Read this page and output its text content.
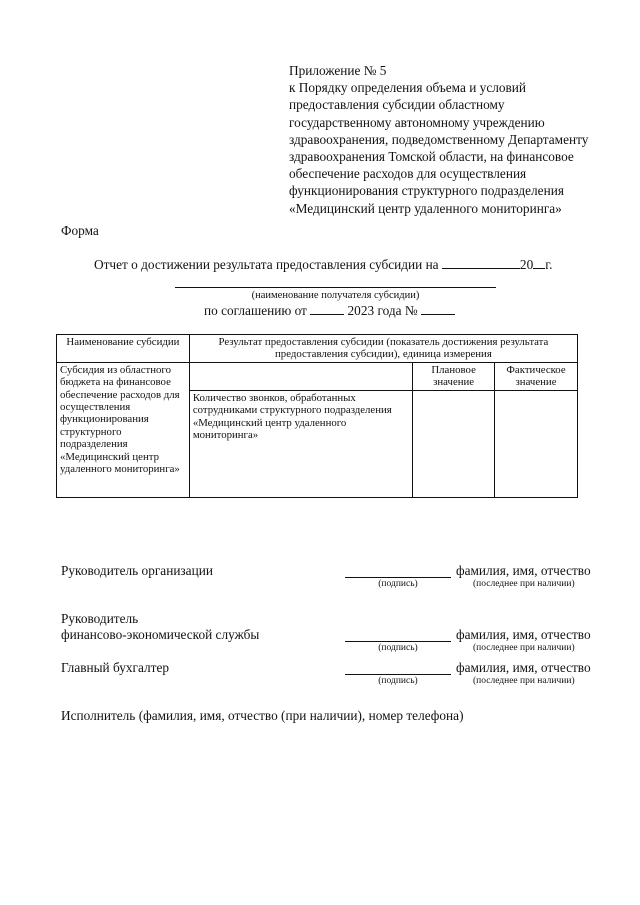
Приложение № 5
к Порядку определения объема и условий
предоставления субсидии областному
государственному автономному учреждению
здравоохранения, подведомственному Департаменту
здравоохранения Томской области, на финансовое
обеспечение расходов для осуществления
функционирования структурного подразделения
«Медицинский центр удаленного мониторинга»
Форма
Отчет о достижении результата предоставления субсидии на	20 г.
(наименование получателя субсидии)
по соглашению от	2023 года №
Наименование субсидии	Результат предоставления субсидии (показатель достижения результата предоставления субсидии), единица измерения		
Субсидия из областного бюджета на финансовое обеспечение расходов для осуществления функционирования структурного подразделения «Медицинский центр удаленного мониторинга»		Плановое значение	Фактическое значение
	Количество звонков, обработанных сотрудниками структурного подразделения «Медицинский центр удаленного мониторинга»		
Руководитель организации
(подпись)
фамилия, имя, отчество
(последнее при наличии)
Руководитель
финансово-экономической службы
(подпись)
фамилия, имя, отчество
(последнее при наличии)
Главный бухгалтер
(подпись)
фамилия, имя, отчество
(последнее при наличии)
Исполнитель (фамилия, имя, отчество (при наличии), номер телефона)
